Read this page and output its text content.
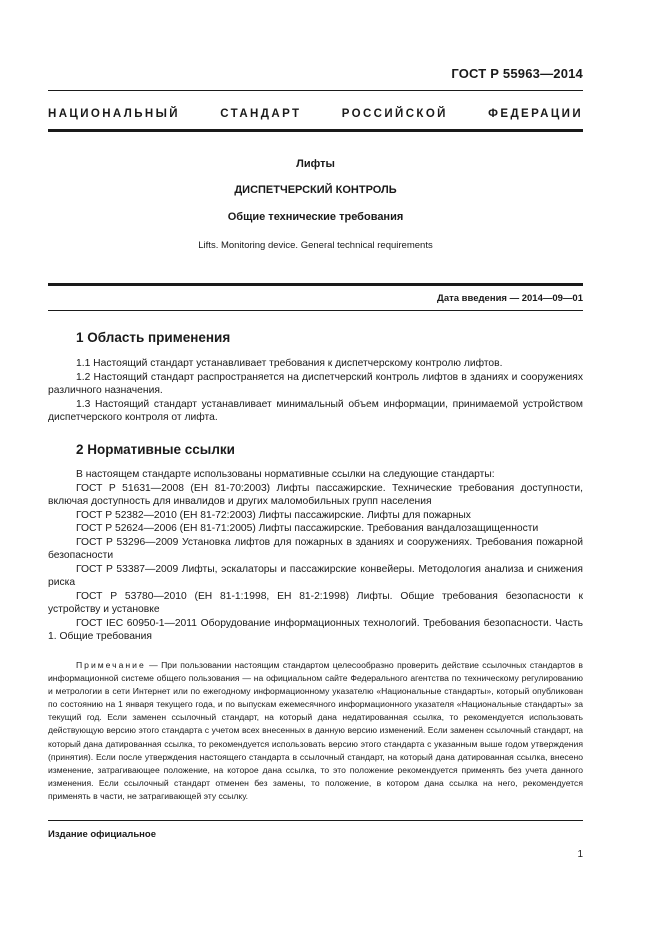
ГОСТ Р 55963—2014
НАЦИОНАЛЬНЫЙ СТАНДАРТ РОССИЙСКОЙ ФЕДЕРАЦИИ
Лифты
ДИСПЕТЧЕРСКИЙ КОНТРОЛЬ
Общие технические требования
Lifts. Monitoring device. General technical requirements
Дата введения — 2014—09—01
1 Область применения

1.1 Настоящий стандарт устанавливает требования к диспетчерскому контролю лифтов.

1.2 Настоящий стандарт распространяется на диспетчерский контроль лифтов в зданиях и сооружениях различного назначения.

1.3 Настоящий стандарт устанавливает минимальный объем информации, принимаемой устройством диспетчерского контроля от лифта.

2 Нормативные ссылки

В настоящем стандарте использованы нормативные ссылки на следующие стандарты:

ГОСТ Р 51631—2008 (ЕН 81-70:2003) Лифты пассажирские. Технические требования доступности, включая доступность для инвалидов и других маломобильных групп населения

ГОСТ Р 52382—2010 (ЕН 81-72:2003) Лифты пассажирские. Лифты для пожарных

ГОСТ Р 52624—2006 (ЕН 81-71:2005) Лифты пассажирские. Требования вандалозащищенности

ГОСТ Р 53296—2009 Установка лифтов для пожарных в зданиях и сооружениях. Требования пожарной безопасности

ГОСТ Р 53387—2009 Лифты, эскалаторы и пассажирские конвейеры. Методология анализа и снижения риска

ГОСТ Р 53780—2010 (ЕН 81-1:1998, ЕН 81-2:1998) Лифты. Общие требования безопасности к устройству и установке

ГОСТ IEC 60950-1—2011 Оборудование информационных технологий. Требования безопасности. Часть 1. Общие требования

Примечание — При пользовании настоящим стандартом целесообразно проверить действие ссылочных стандартов в информационной системе общего пользования — на официальном сайте Федерального агентства по техническому регулированию и метрологии в сети Интернет или по ежегодному информационному указателю «Национальные стандарты», который опубликован по состоянию на 1 января текущего года, и по выпускам ежемесячного информационного указателя «Национальные стандарты» за текущий год. Если заменен ссылочный стандарт, на который дана недатированная ссылка, то рекомендуется использовать действующую версию этого стандарта с учетом всех внесенных в данную версию изменений. Если заменен ссылочный стандарт, на который дана датированная ссылка, то рекомендуется использовать версию этого стандарта с указанным выше годом утверждения (принятия). Если после утверждения настоящего стандарта в ссылочный стандарт, на который дана датированная ссылка, внесено изменение, затрагивающее положение, на которое дана ссылка, то это положение рекомендуется применять без учета данного изменения. Если ссылочный стандарт отменен без замены, то положение, в котором дана ссылка на него, рекомендуется применять в части, не затрагивающей эту ссылку.

Издание официальное
1
